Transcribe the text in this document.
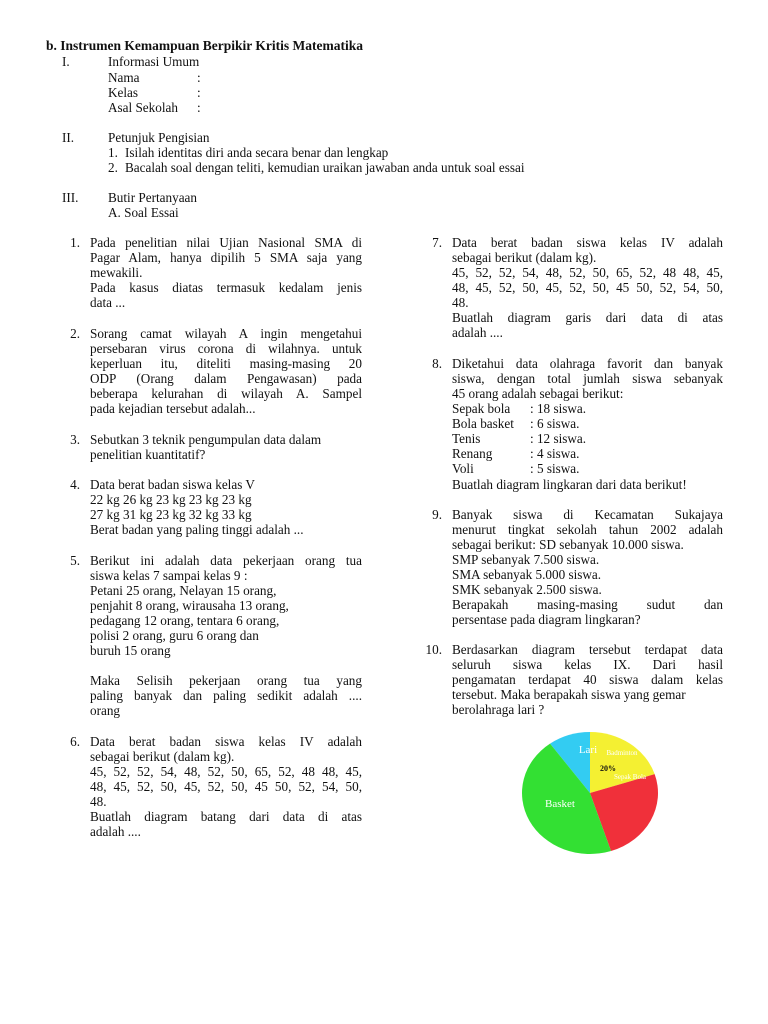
b. Instrumen Kemampuan Berpikir Kritis Matematika
I.	Informasi Umum
Nama	:
Kelas	:
Asal Sekolah :
II.	Petunjuk Pengisian
1. Isilah identitas diri anda secara benar dan lengkap
2. Bacalah soal dengan teliti, kemudian uraikan jawaban anda untuk soal essai
III. Butir Pertanyaan
A. Soal Essai
1. Pada penelitian nilai Ujian Nasional SMA di
Pagar Alam, hanya dipilih 5 SMA saja yang
mewakili.
Pada kasus diatas termasuk kedalam jenis
data ...
2. Sorang camat wilayah A ingin mengetahui
persebaran virus corona di wilahnya. untuk
keperluan itu, diteliti masing-masing 20
ODP (Orang dalam Pengawasan) pada
beberapa kelurahan di wilayah A. Sampel
pada kejadian tersebut adalah...
3. Sebutkan 3 teknik pengumpulan data dalam
penelitian kuantitatif?
4. Data berat badan siswa kelas V
22 kg 26 kg 23 kg 23 kg 23 kg
27 kg 31 kg 23 kg 32 kg 33 kg
Berat badan yang paling tinggi adalah ...
5. Berikut ini adalah data pekerjaan orang tua
siswa kelas 7 sampai kelas 9 :
Petani 25 orang, Nelayan 15 orang,
penjahit 8 orang, wirausaha 13 orang,
pedagang 12 orang, tentara 6 orang,
polisi 2 orang, guru 6 orang dan
buruh 15 orang

Maka Selisih pekerjaan orang tua yang
paling banyak dan paling sedikit adalah ....
orang
6. Data berat badan siswa kelas IV adalah
sebagai berikut (dalam kg).
45, 52, 52, 54, 48, 52, 50, 65, 52, 48 48, 45,
48, 45, 52, 50, 45, 52, 50, 45 50, 52, 54, 50,
48.
Buatlah diagram batang dari data di atas
adalah ....
7. Data berat badan siswa kelas IV adalah
sebagai berikut (dalam kg).
45, 52, 52, 54, 48, 52, 50, 65, 52, 48 48, 45,
48, 45, 52, 50, 45, 52, 50, 45 50, 52, 54, 50,
48.
Buatlah diagram garis dari data di atas
adalah ....
8. Diketahui data olahraga favorit dan banyak
siswa, dengan total jumlah siswa sebanyak
45 orang adalah sebagai berikut:
Sepak bola : 18 siswa.
Bola basket : 6 siswa.
Tenis	: 12 siswa.
Renang	: 4 siswa.
Voli	: 5 siswa.
Buatlah diagram lingkaran dari data berikut!
9. Banyak siswa di Kecamatan Sukajaya
menurut tingkat sekolah tahun 2002 adalah
sebagai berikut: SD sebanyak 10.000 siswa.
SMP sebanyak 7.500 siswa.
SMA sebanyak 5.000 siswa.
SMK sebanyak 2.500 siswa.
Berapakah masing-masing sudut dan
persentase pada diagram lingkaran?
10. Berdasarkan diagram tersebut terdapat data
seluruh siswa kelas IX. Dari hasil
pengamatan terdapat 40 siswa dalam kelas
tersebut. Maka berapakah siswa yang gemar
berolahraga lari ?
Lari Badminton
Sepak Bola
Basket
20%
